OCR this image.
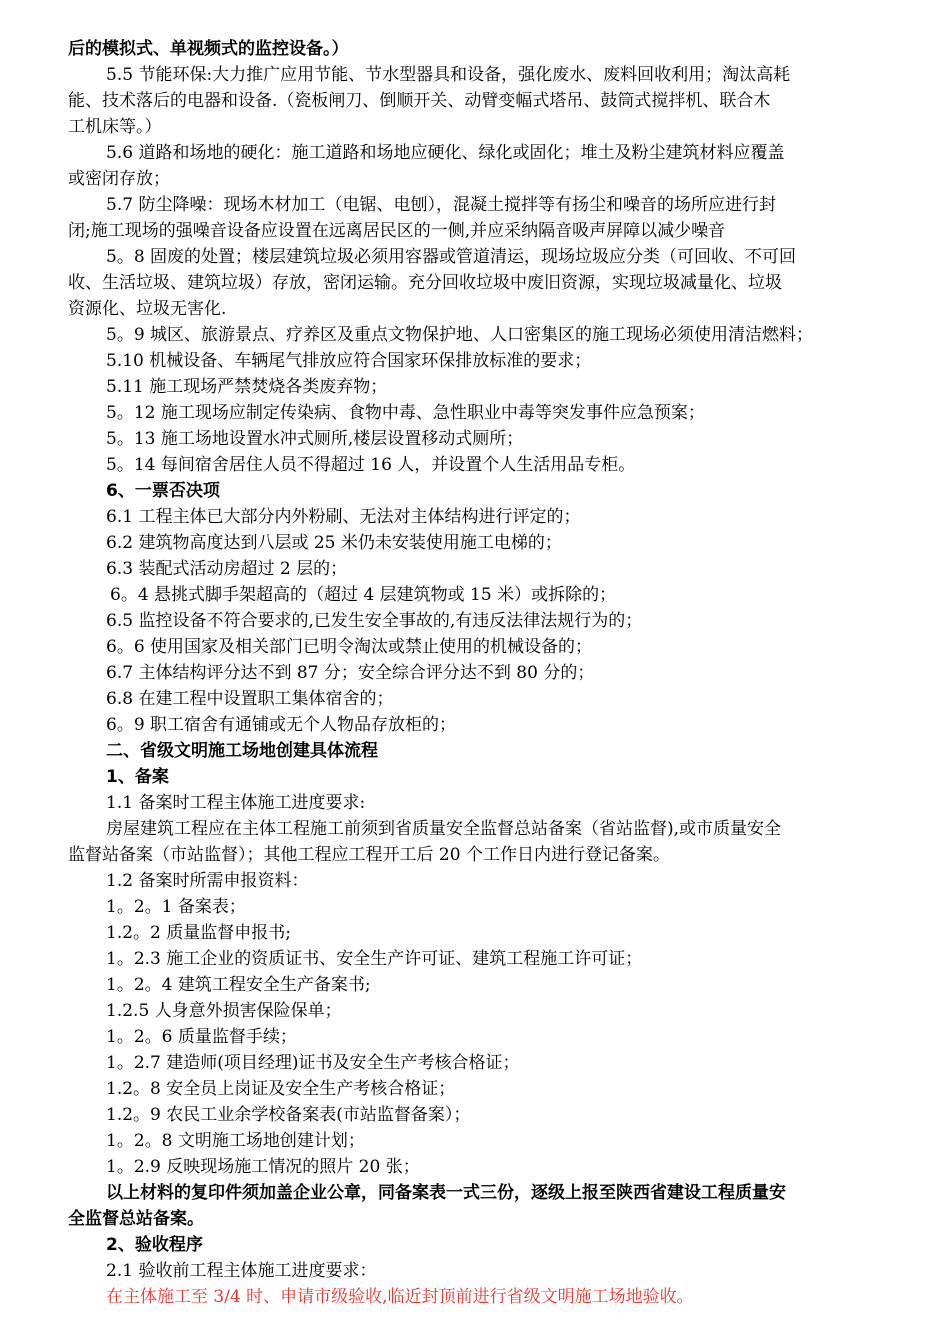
后的模拟式、单视频式的监控设备。）
5.5 节能环保:大力推广应用节能、节水型器具和设备，强化废水、废料回收利用；淘汰高耗
能、技术落后的电器和设备.（瓷板闸刀、倒顺开关、动臂变幅式塔吊、鼓筒式搅拌机、联合木
工机床等。）
5.6 道路和场地的硬化：施工道路和场地应硬化、绿化或固化；堆土及粉尘建筑材料应覆盖
或密闭存放；
5.7 防尘降噪：现场木材加工（电锯、电刨），混凝土搅拌等有扬尘和噪音的场所应进行封
闭;施工现场的强噪音设备应设置在远离居民区的一侧,并应采纳隔音吸声屏障以减少噪音
5。8 固废的处置；楼层建筑垃圾必须用容器或管道清运，现场垃圾应分类（可回收、不可回
收、生活垃圾、建筑垃圾）存放，密闭运输。充分回收垃圾中废旧资源，实现垃圾减量化、垃圾
资源化、垃圾无害化.
5。9 城区、旅游景点、疗养区及重点文物保护地、人口密集区的施工现场必须使用清洁燃料；
5.10 机械设备、车辆尾气排放应符合国家环保排放标准的要求；
5.11 施工现场严禁焚烧各类废弃物；
5。12 施工现场应制定传染病、食物中毒、急性职业中毒等突发事件应急预案；
5。13 施工场地设置水冲式厕所,楼层设置移动式厕所；
5。14 每间宿舍居住人员不得超过 16 人，并设置个人生活用品专柜。
6、一票否决项
6.1 工程主体已大部分内外粉刷、无法对主体结构进行评定的；
6.2 建筑物高度达到八层或 25 米仍未安装使用施工电梯的；
6.3 装配式活动房超过 2 层的；
6。4 悬挑式脚手架超高的（超过 4 层建筑物或 15 米）或拆除的；
6.5 监控设备不符合要求的,已发生安全事故的,有违反法律法规行为的；
6。6 使用国家及相关部门已明令淘汰或禁止使用的机械设备的；
6.7 主体结构评分达不到 87 分；安全综合评分达不到 80 分的；
6.8 在建工程中设置职工集体宿舍的；
6。9 职工宿舍有通铺或无个人物品存放柜的；
二、省级文明施工场地创建具体流程
1、备案
1.1 备案时工程主体施工进度要求:
房屋建筑工程应在主体工程施工前须到省质量安全监督总站备案（省站监督),或市质量安全
监督站备案（市站监督）；其他工程应工程开工后 20 个工作日内进行登记备案。
1.2 备案时所需申报资料：
1。2。1 备案表；
1.2。2 质量监督申报书;
1。2.3 施工企业的资质证书、安全生产许可证、建筑工程施工许可证；
1。2。4 建筑工程安全生产备案书;
1.2.5 人身意外损害保险保单；
1。2。6 质量监督手续；
1。2.7 建造师(项目经理)证书及安全生产考核合格证；
1.2。8 安全员上岗证及安全生产考核合格证；
1.2。9 农民工业余学校备案表(市站监督备案）；
1。2。8 文明施工场地创建计划；
1。2.9 反映现场施工情况的照片 20 张；
以上材料的复印件须加盖企业公章，同备案表一式三份，逐级上报至陕西省建设工程质量安
全监督总站备案。
2、验收程序
2.1 验收前工程主体施工进度要求：
在主体施工至 3/4 时、申请市级验收,临近封顶前进行省级文明施工场地验收。
